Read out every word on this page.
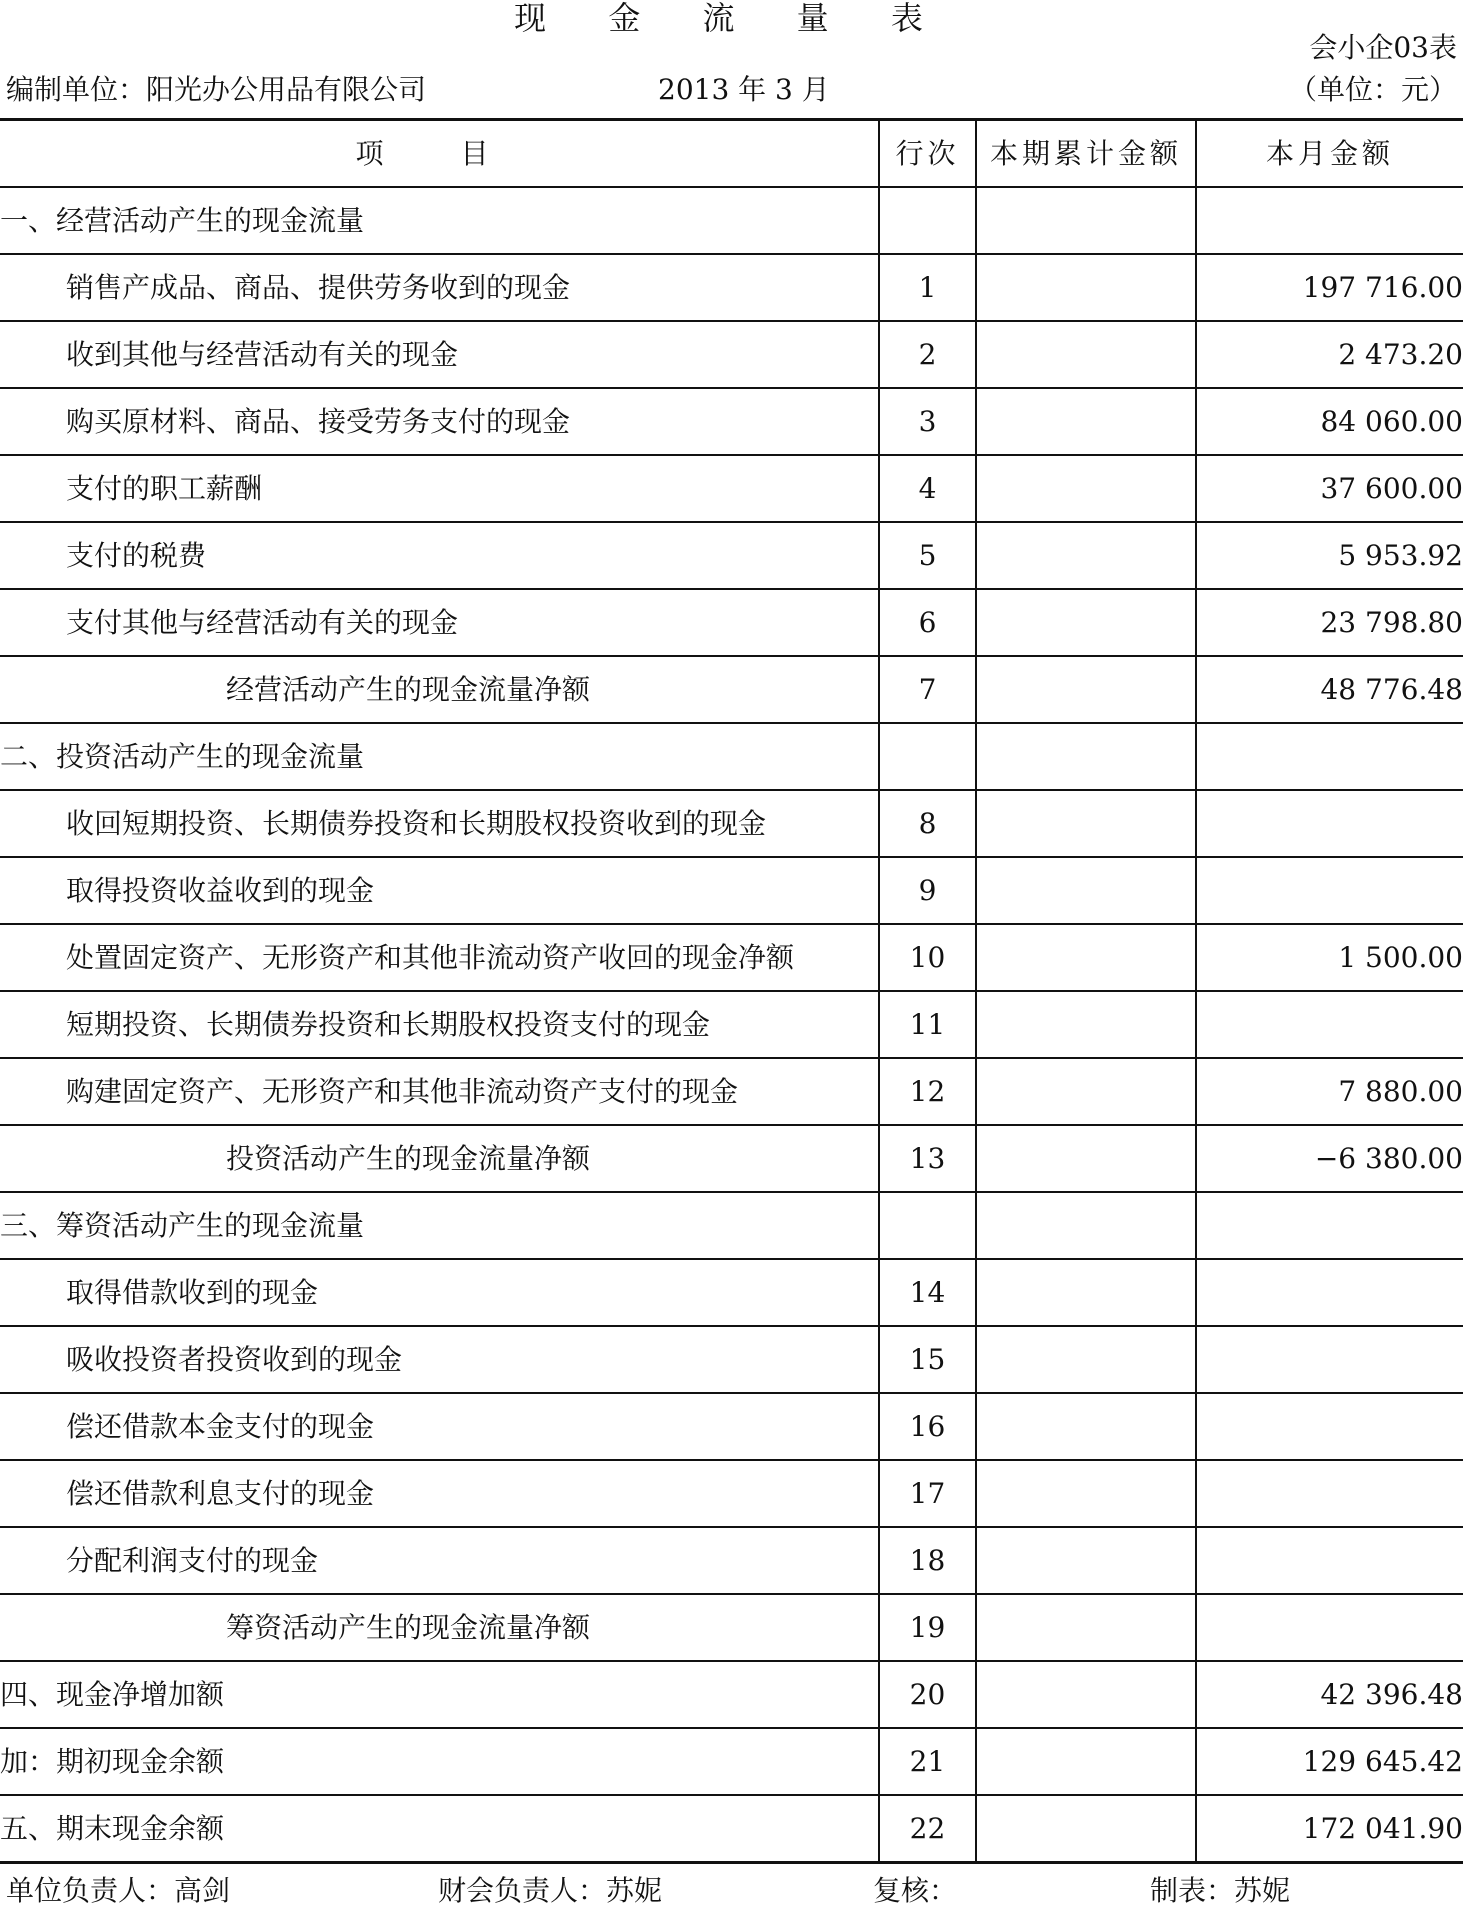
现 金 流 量 表
会小企03表
编制单位：阳光办公用品有限公司	2013 年 3 月	（单位：元）
项 目	行次	本期累计金额	本月金额
一、经营活动产生的现金流量			
销售产成品、商品、提供劳务收到的现金	1		197 716.00
收到其他与经营活动有关的现金	2		2 473.20
购买原材料、商品、接受劳务支付的现金	3		84 060.00
支付的职工薪酬	4		37 600.00
支付的税费	5		5 953.92
支付其他与经营活动有关的现金	6		23 798.80
经营活动产生的现金流量净额	7		48 776.48
二、投资活动产生的现金流量			
收回短期投资、长期债券投资和长期股权投资收到的现金	8		
取得投资收益收到的现金	9		
处置固定资产、无形资产和其他非流动资产收回的现金净额	10		1 500.00
短期投资、长期债券投资和长期股权投资支付的现金	11		
购建固定资产、无形资产和其他非流动资产支付的现金	12		7 880.00
投资活动产生的现金流量净额	13		−6 380.00
三、筹资活动产生的现金流量			
取得借款收到的现金	14		
吸收投资者投资收到的现金	15		
偿还借款本金支付的现金	16		
偿还借款利息支付的现金	17		
分配利润支付的现金	18		
筹资活动产生的现金流量净额	19		
四、现金净增加额	20		42 396.48
加：期初现金余额	21		129 645.42
五、期末现金余额	22		172 041.90
单位负责人：高剑	财会负责人：苏妮	复核：	制表：苏妮
